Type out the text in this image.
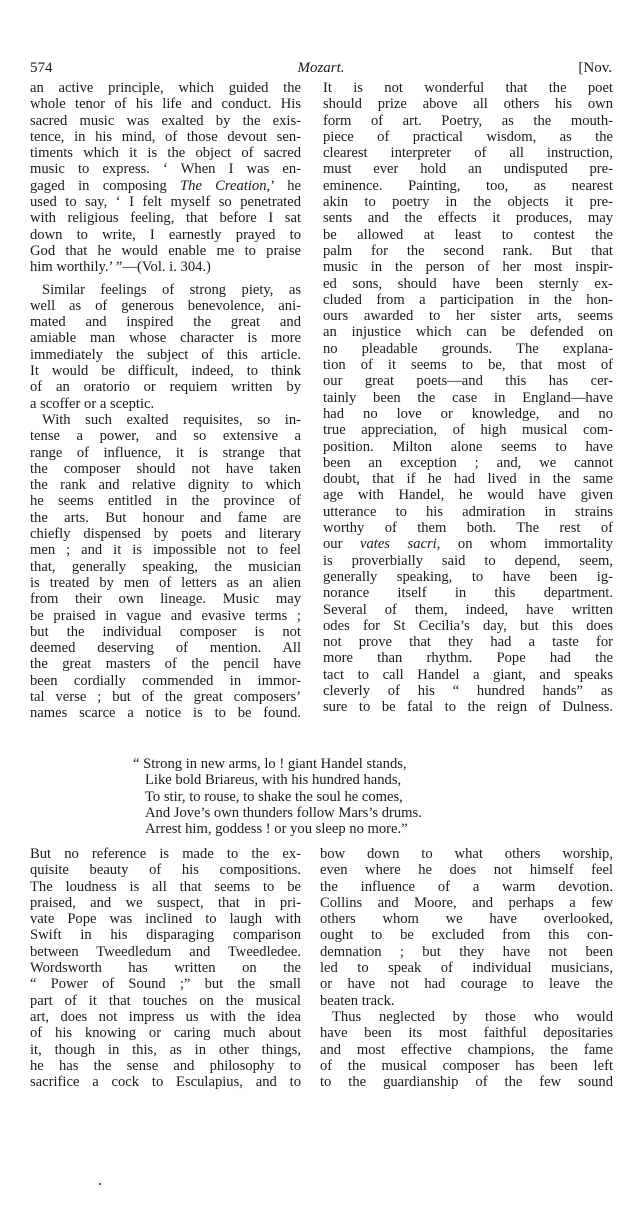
574	Mozart.	[Nov.
an active principle, which guided the
whole tenor of his life and conduct. His
sacred music was exalted by the exis-
tence, in his mind, of those devout sen-
timents which it is the object of sacred
music to express. ‘ When I was en-
gaged in composing The Creation,’ he
used to say, ‘ I felt myself so penetrated
with religious feeling, that before I sat
down to write, I earnestly prayed to
God that he would enable me to praise
him worthily.’ ”—(Vol. i. 304.)
Similar feelings of strong piety, as
well as of generous benevolence, ani-
mated and inspired the great and
amiable man whose character is more
immediately the subject of this article.
It would be difficult, indeed, to think
of an oratorio or requiem written by
a scoffer or a sceptic.
With such exalted requisites, so in-
tense a power, and so extensive a
range of influence, it is strange that
the composer should not have taken
the rank and relative dignity to which
he seems entitled in the province of
the arts. But honour and fame are
chiefly dispensed by poets and literary
men ; and it is impossible not to feel
that, generally speaking, the musician
is treated by men of letters as an alien
from their own lineage. Music may
be praised in vague and evasive terms ;
but the individual composer is not
deemed deserving of mention. All
the great masters of the pencil have
been cordially commended in immor-
tal verse ; but of the great composers’
names scarce a notice is to be found.
It is not wonderful that the poet
should prize above all others his own
form of art. Poetry, as the mouth-
piece of practical wisdom, as the
clearest interpreter of all instruction,
must ever hold an undisputed pre-
eminence. Painting, too, as nearest
akin to poetry in the objects it pre-
sents and the effects it produces, may
be allowed at least to contest the
palm for the second rank. But that
music in the person of her most inspir-
ed sons, should have been sternly ex-
cluded from a participation in the hon-
ours awarded to her sister arts, seems
an injustice which can be defended on
no pleadable grounds. The explana-
tion of it seems to be, that most of
our great poets—and this has cer-
tainly been the case in England—have
had no love or knowledge, and no
true appreciation, of high musical com-
position. Milton alone seems to have
been an exception ; and, we cannot
doubt, that if he had lived in the same
age with Handel, he would have given
utterance to his admiration in strains
worthy of them both. The rest of
our vates sacri, on whom immortality
is proverbially said to depend, seem,
generally speaking, to have been ig-
norance itself in this department.
Several of them, indeed, have written
odes for St Cecilia’s day, but this does
not prove that they had a taste for
more than rhythm. Pope had the
tact to call Handel a giant, and speaks
cleverly of his “ hundred hands” as
sure to be fatal to the reign of Dulness.
“ Strong in new arms, lo ! giant Handel stands,
Like bold Briareus, with his hundred hands,
To stir, to rouse, to shake the soul he comes,
And Jove’s own thunders follow Mars’s drums.
Arrest him, goddess ! or you sleep no more.”
But no reference is made to the ex-
quisite beauty of his compositions.
The loudness is all that seems to be
praised, and we suspect, that in pri-
vate Pope was inclined to laugh with
Swift in his disparaging comparison
between Tweedledum and Tweedledee.
Wordsworth has written on the
“ Power of Sound ;” but the small
part of it that touches on the musical
art, does not impress us with the idea
of his knowing or caring much about
it, though in this, as in other things,
he has the sense and philosophy to
sacrifice a cock to Esculapius, and to
bow down to what others worship,
even where he does not himself feel
the influence of a warm devotion.
Collins and Moore, and perhaps a few
others whom we have overlooked,
ought to be excluded from this con-
demnation ; but they have not been
led to speak of individual musicians,
or have not had courage to leave the
beaten track.
Thus neglected by those who would
have been its most faithful depositaries
and most effective champions, the fame
of the musical composer has been left
to the guardianship of the few sound
